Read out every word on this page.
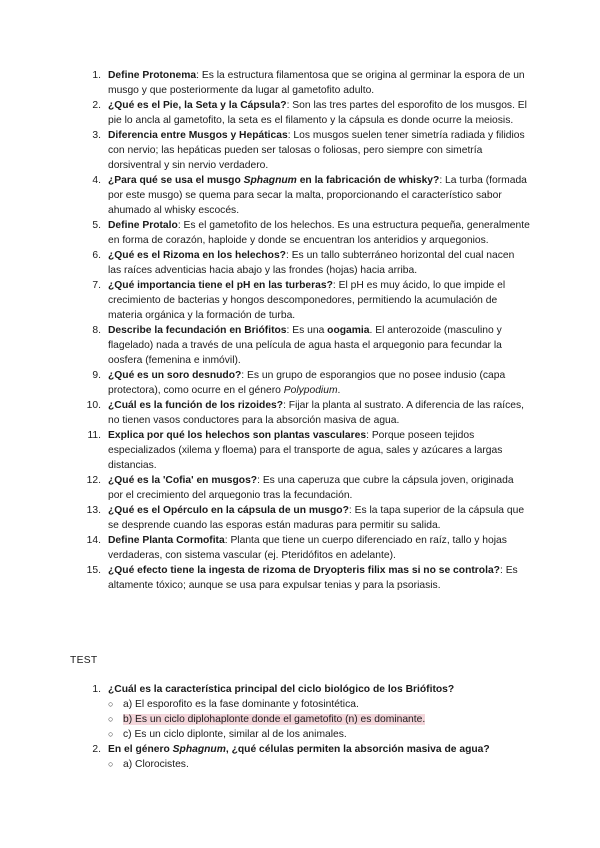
1. Define Protonema: Es la estructura filamentosa que se origina al germinar la espora de un musgo y que posteriormente da lugar al gametofito adulto.
2. ¿Qué es el Pie, la Seta y la Cápsula?: Son las tres partes del esporofito de los musgos. El pie lo ancla al gametofito, la seta es el filamento y la cápsula es donde ocurre la meiosis.
3. Diferencia entre Musgos y Hepáticas: Los musgos suelen tener simetría radiada y filidios con nervio; las hepáticas pueden ser talosas o foliosas, pero siempre con simetría dorsiventral y sin nervio verdadero.
4. ¿Para qué se usa el musgo Sphagnum en la fabricación de whisky?: La turba (formada por este musgo) se quema para secar la malta, proporcionando el característico sabor ahumado al whisky escocés.
5. Define Protalo: Es el gametofito de los helechos. Es una estructura pequeña, generalmente en forma de corazón, haploide y donde se encuentran los anteridios y arquegonios.
6. ¿Qué es el Rizoma en los helechos?: Es un tallo subterráneo horizontal del cual nacen las raíces adventicias hacia abajo y las frondes (hojas) hacia arriba.
7. ¿Qué importancia tiene el pH en las turberas?: El pH es muy ácido, lo que impide el crecimiento de bacterias y hongos descomponedores, permitiendo la acumulación de materia orgánica y la formación de turba.
8. Describe la fecundación en Briófitos: Es una oogamia. El anterozoide (masculino y flagelado) nada a través de una película de agua hasta el arquegonio para fecundar la oosfera (femenina e inmóvil).
9. ¿Qué es un soro desnudo?: Es un grupo de esporangios que no posee indusio (capa protectora), como ocurre en el género Polypodium.
10. ¿Cuál es la función de los rizoides?: Fijar la planta al sustrato. A diferencia de las raíces, no tienen vasos conductores para la absorción masiva de agua.
11. Explica por qué los helechos son plantas vasculares: Porque poseen tejidos especializados (xilema y floema) para el transporte de agua, sales y azúcares a largas distancias.
12. ¿Qué es la 'Cofia' en musgos?: Es una caperuza que cubre la cápsula joven, originada por el crecimiento del arquegonio tras la fecundación.
13. ¿Qué es el Opérculo en la cápsula de un musgo?: Es la tapa superior de la cápsula que se desprende cuando las esporas están maduras para permitir su salida.
14. Define Planta Cormofita: Planta que tiene un cuerpo diferenciado en raíz, tallo y hojas verdaderas, con sistema vascular (ej. Pteridófitos en adelante).
15. ¿Qué efecto tiene la ingesta de rizoma de Dryopteris filix mas si no se controla?: Es altamente tóxico; aunque se usa para expulsar tenias y para la psoriasis.
TEST
1. ¿Cuál es la característica principal del ciclo biológico de los Briófitos?
○ a) El esporofito es la fase dominante y fotosintética.
○ b) Es un ciclo diplohaplonte donde el gametofito (n) es dominante.
○ c) Es un ciclo diplonte, similar al de los animales.
2. En el género Sphagnum, ¿qué células permiten la absorción masiva de agua?
○ a) Clorocistes.
